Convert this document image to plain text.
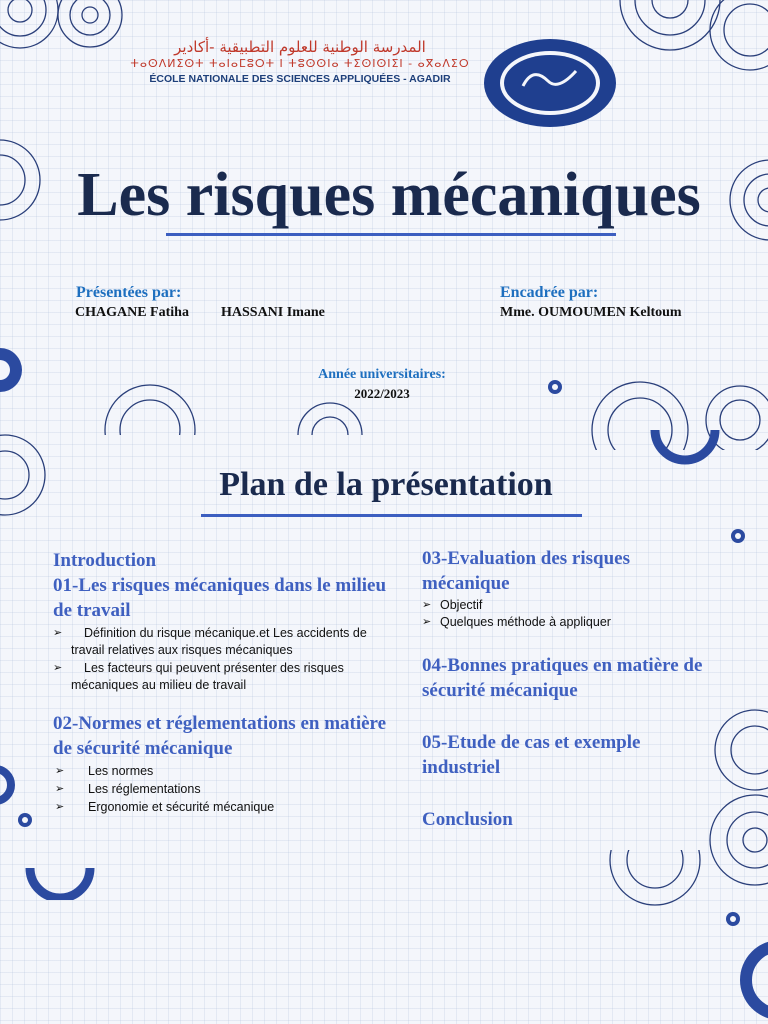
المدرسة الوطنية للعلوم التطبيقية -أكادير
ⵜⴰⵙⴷⵍⵉⵙⵜ ⵜⴰⵏⴰⵎⵓⵔⵜ ⵏ ⵜⵓⵙⵙⵏⴰ ⵜⵉⵙⵏⵙⵏⵉⵏ - ⴰⴳⴰⴷⵉⵔ
ÉCOLE NATIONALE DES SCIENCES APPLIQUÉES - AGADIR
Les risques mécaniques
Présentées par:
CHAGANE Fatiha HASSANI Imane
Encadrée par:
Mme. OUMOUMEN Keltoum
Année universitaires:
2022/2023
Plan de la présentation
Introduction
01-Les risques mécaniques dans le milieu de travail
➢ Définition du risque mécanique.et Les accidents de travail relatives aux risques mécaniques
➢ Les facteurs qui peuvent présenter des risques mécaniques au milieu de travail
02-Normes et réglementations en matière de sécurité mécanique
➢ Les normes
➢ Les réglementations
➢ Ergonomie et sécurité mécanique
03-Evaluation des risques mécanique
➢ Objectif
➢ Quelques méthode à appliquer
04-Bonnes pratiques en matière de sécurité mécanique
05-Etude de cas et exemple industriel
Conclusion
